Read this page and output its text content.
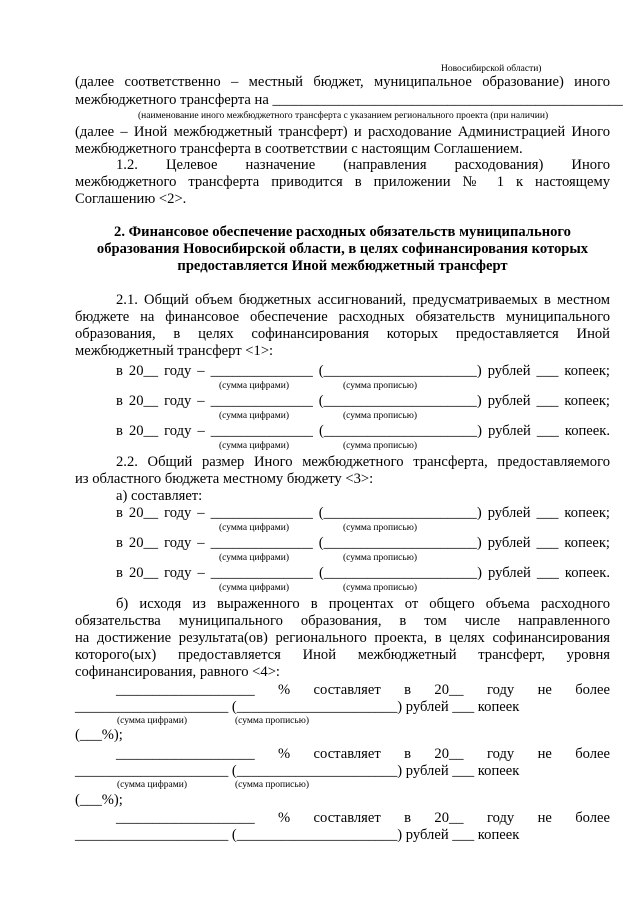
Новосибирской области)
(далее соответственно – местный бюджет, муниципальное образование) иного
межбюджетного трансферта на ________________________________________________
(наименование иного межбюджетного трансферта с указанием регионального проекта (при наличии)
(далее – Иной межбюджетный трансферт) и расходование Администрацией Иного
межбюджетного трансферта в соответствии с настоящим Соглашением.
1.2. Целевое назначение (направления расходования) Иного
межбюджетного трансферта приводится в приложении № 1 к настоящему
Соглашению <2>.
2. Финансовое обеспечение расходных обязательств муниципального
образования Новосибирской области, в целях софинансирования которых
предоставляется Иной межбюджетный трансферт
2.1. Общий объем бюджетных ассигнований, предусматриваемых в местном
бюджете на финансовое обеспечение расходных обязательств муниципального
образования, в целях софинансирования которых предоставляется Иной
межбюджетный трансферт <1>:
в 20__ году – ______________ (_____________________) рублей ___ копеек;
(сумма цифрами)	(сумма прописью)
в 20__ году – ______________ (_____________________) рублей ___ копеек;
(сумма цифрами)	(сумма прописью)
в 20__ году – ______________ (_____________________) рублей ___ копеек.
(сумма цифрами)	(сумма прописью)
2.2. Общий размер Иного межбюджетного трансферта, предоставляемого
из областного бюджета местному бюджету <3>:
а) составляет:
в 20__ году – ______________ (_____________________) рублей ___ копеек;
(сумма цифрами)	(сумма прописью)
в 20__ году – ______________ (_____________________) рублей ___ копеек;
(сумма цифрами)	(сумма прописью)
в 20__ году – ______________ (_____________________) рублей ___ копеек.
(сумма цифрами)	(сумма прописью)
б) исходя из выраженного в процентах от общего объема расходного
обязательства муниципального образования, в том числе направленного
на достижение результата(ов) регионального проекта, в целях софинансирования
которого(ых) предоставляется Иной межбюджетный трансферт, уровня
софинансирования, равного <4>:
___________________ % составляет в 20__ году не более
_____________________ (______________________) рублей ___ копеек
(сумма цифрами)	(сумма прописью)
(___%);
___________________ % составляет в 20__ году не более
_____________________ (______________________) рублей ___ копеек
(сумма цифрами)	(сумма прописью)
(___%);
___________________ % составляет в 20__ году не более
_____________________ (______________________) рублей ___ копеек
